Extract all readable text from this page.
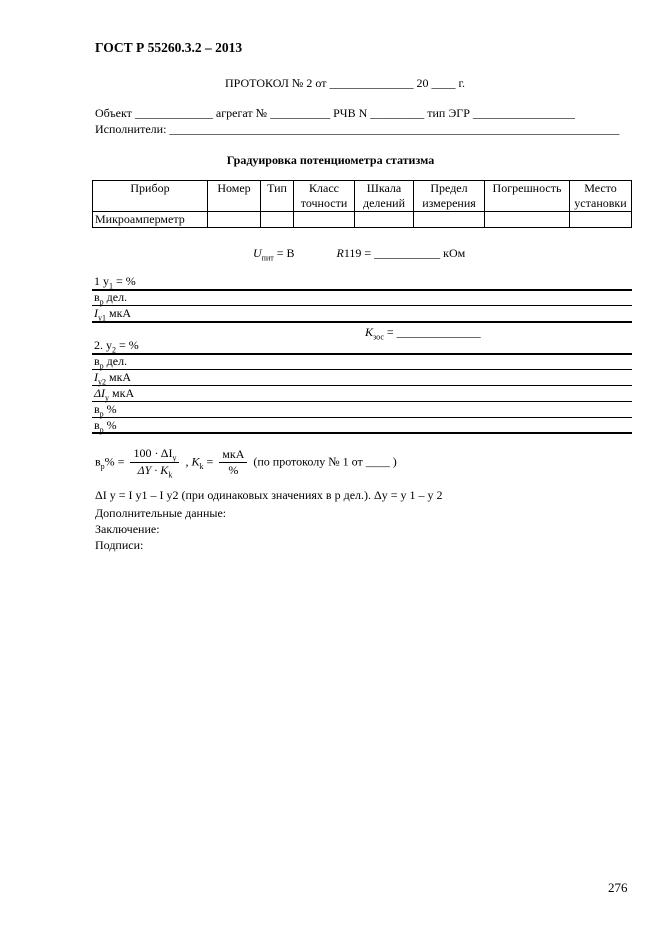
ГОСТ Р 55260.3.2 – 2013
ПРОТОКОЛ № 2 от ______________ 20 ____ г.
Объект _____________ агрегат № __________ РЧВ N _________ тип ЭГР _________________
Исполнители: ___________________________________________________________________________
Градуировка потенциометра статизма
Прибор	Номер	Тип	Класс точности	Шкала делений	Предел измерения	Погрешность	Место установки
Микроамперметр							
$U_{пит} = В$	R119 = ___________ кОм
1 $у_1$ = %
$в_р$ дел.
$I_{у1}$ мкА
$K_{зос}$ = ______________
2. $у_2$ = %
$в_р$ дел.
$I_{у2}$ мкА
$\Delta I_у$ мкА
$в_р$ %
$в_р$ %
$в_р\% = \frac{100 \cdot \Delta I_у}{\Delta Y \cdot K_k}$ , $K_k = \frac{\text{мкА}}{\%} (по$ протоколу № 1 от ____ )
ΔI у = I у1 – I у2 (при одинаковых значениях в р дел.). Δу = у 1 – у 2
Дополнительные данные:
Заключение:
Подписи:
276
